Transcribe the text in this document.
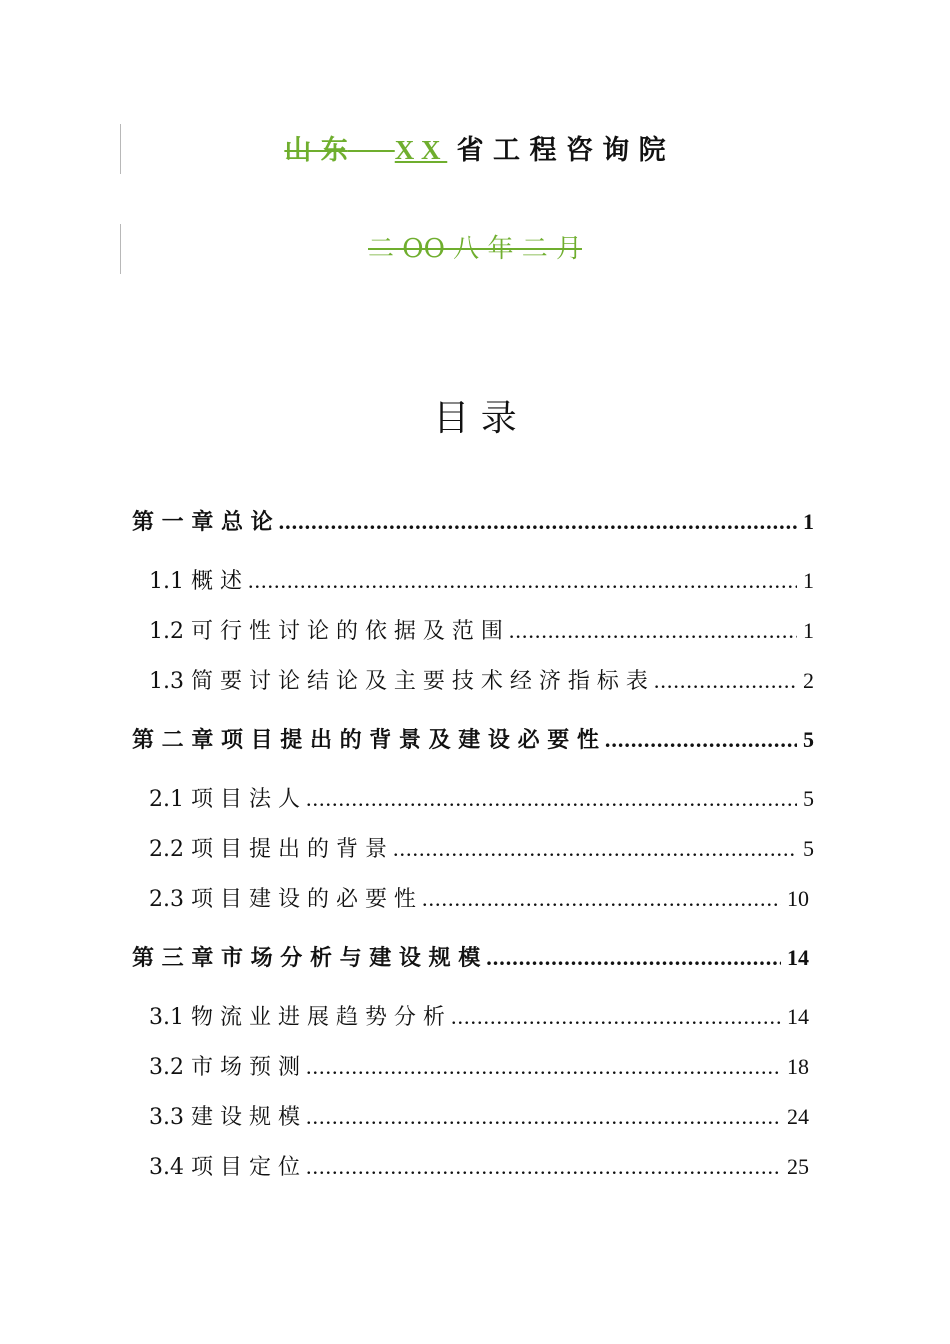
山 东 X X 省 工 程 咨 询 院
二 OO 八 年 二 月
目 录
第 一 章 总 论 .....	1
1.1 概 述 .....	1
1.2 可 行 性 讨 论 的 依 据 及 范 围 .....	1
1.3 简 要 讨 论 结 论 及 主 要 技 术 经 济 指 标 表 .....	2
第 二 章 项 目 提 出 的 背 景 及 建 设 必 要 性 .....	5
2.1 项 目 法 人 .....	5
2.2 项 目 提 出 的 背 景 .....	5
2.3 项 目 建 设 的 必 要 性 .....	10
第 三 章 市 场 分 析 与 建 设 规 模 .....	14
3.1 物 流 业 进 展 趋 势 分 析 .....	14
3.2 市 场 预 测 .....	18
3.3 建 设 规 模 .....	24
3.4 项 目 定 位 .....	25
